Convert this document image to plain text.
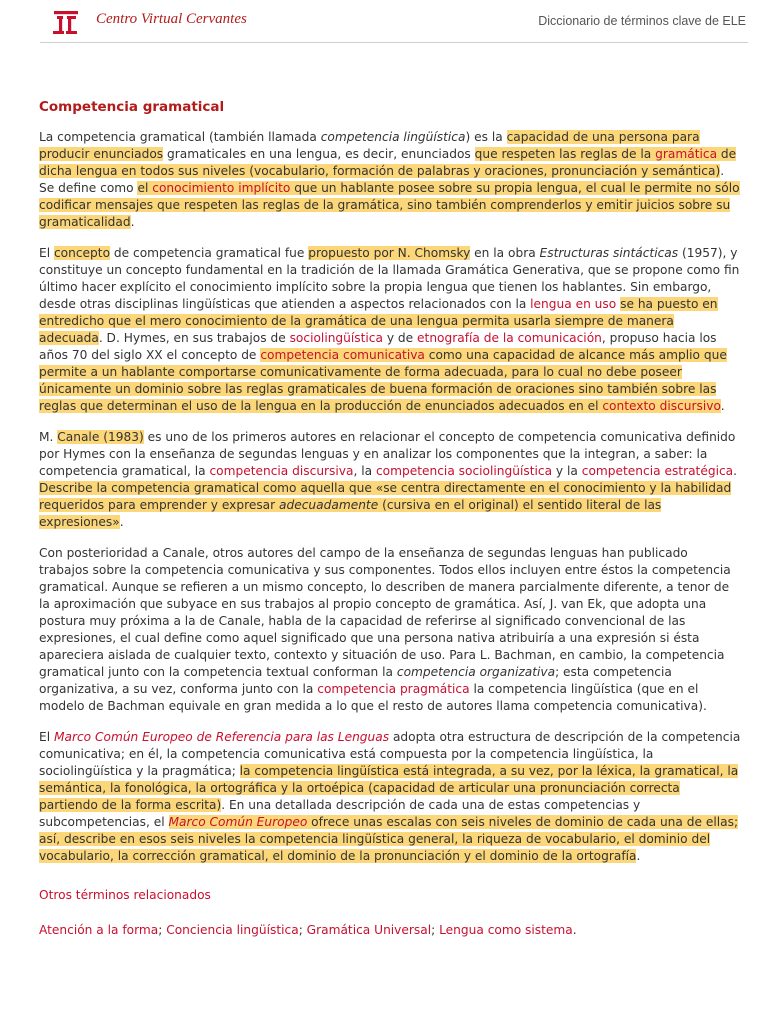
Centro Virtual Cervantes	Diccionario de términos clave de ELE
Competencia gramatical

La competencia gramatical (también llamada competencia lingüística) es la capacidad de una persona para producir enunciados gramaticales en una lengua, es decir, enunciados que respeten las reglas de la gramática de dicha lengua en todos sus niveles (vocabulario, formación de palabras y oraciones, pronunciación y semántica). Se define como el conocimiento implícito que un hablante posee sobre su propia lengua, el cual le permite no sólo codificar mensajes que respeten las reglas de la gramática, sino también comprenderlos y emitir juicios sobre su gramaticalidad.

El concepto de competencia gramatical fue propuesto por N. Chomsky en la obra Estructuras sintácticas (1957), y constituye un concepto fundamental en la tradición de la llamada Gramática Generativa, que se propone como fin último hacer explícito el conocimiento implícito sobre la propia lengua que tienen los hablantes. Sin embargo, desde otras disciplinas lingüísticas que atienden a aspectos relacionados con la lengua en uso se ha puesto en entredicho que el mero conocimiento de la gramática de una lengua permita usarla siempre de manera adecuada. D. Hymes, en sus trabajos de sociolingüística y de etnografía de la comunicación, propuso hacia los años 70 del siglo XX el concepto de competencia comunicativa como una capacidad de alcance más amplio que permite a un hablante comportarse comunicativamente de forma adecuada, para lo cual no debe poseer únicamente un dominio sobre las reglas gramaticales de buena formación de oraciones sino también sobre las reglas que determinan el uso de la lengua en la producción de enunciados adecuados en el contexto discursivo.

M. Canale (1983) es uno de los primeros autores en relacionar el concepto de competencia comunicativa definido por Hymes con la enseñanza de segundas lenguas y en analizar los componentes que la integran, a saber: la competencia gramatical, la competencia discursiva, la competencia sociolingüística y la competencia estratégica. Describe la competencia gramatical como aquella que «se centra directamente en el conocimiento y la habilidad requeridos para emprender y expresar adecuadamente (cursiva en el original) el sentido literal de las expresiones».

Con posterioridad a Canale, otros autores del campo de la enseñanza de segundas lenguas han publicado trabajos sobre la competencia comunicativa y sus componentes. Todos ellos incluyen entre éstos la competencia gramatical. Aunque se refieren a un mismo concepto, lo describen de manera parcialmente diferente, a tenor de la aproximación que subyace en sus trabajos al propio concepto de gramática. Así, J. van Ek, que adopta una postura muy próxima a la de Canale, habla de la capacidad de referirse al significado convencional de las expresiones, el cual define como aquel significado que una persona nativa atribuiría a una expresión si ésta apareciera aislada de cualquier texto, contexto y situación de uso. Para L. Bachman, en cambio, la competencia gramatical junto con la competencia textual conforman la competencia organizativa; esta competencia organizativa, a su vez, conforma junto con la competencia pragmática la competencia lingüística (que en el modelo de Bachman equivale en gran medida a lo que el resto de autores llama competencia comunicativa).

El Marco Común Europeo de Referencia para las Lenguas adopta otra estructura de descripción de la competencia comunicativa; en él, la competencia comunicativa está compuesta por la competencia lingüística, la sociolingüística y la pragmática; la competencia lingüística está integrada, a su vez, por la léxica, la gramatical, la semántica, la fonológica, la ortográfica y la ortoépica (capacidad de articular una pronunciación correcta partiendo de la forma escrita). En una detallada descripción de cada una de estas competencias y subcompetencias, el Marco Común Europeo ofrece unas escalas con seis niveles de dominio de cada una de ellas; así, describe en esos seis niveles la competencia lingüística general, la riqueza de vocabulario, el dominio del vocabulario, la corrección gramatical, el dominio de la pronunciación y el dominio de la ortografía.

Otros términos relacionados

Atención a la forma; Conciencia lingüística; Gramática Universal; Lengua como sistema.
